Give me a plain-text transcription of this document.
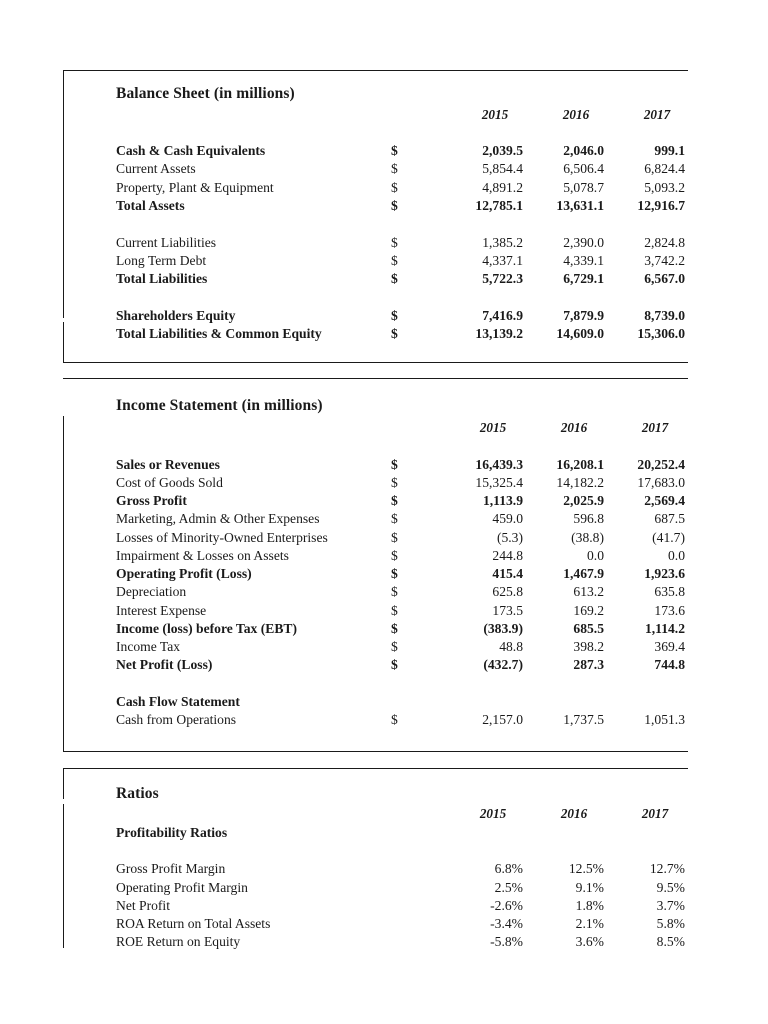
Balance Sheet (in millions)
2015	2016	2017
Cash & Cash Equivalents	$	2,039.5	2,046.0	999.1
Current Assets	$	5,854.4	6,506.4	6,824.4
Property, Plant & Equipment	$	4,891.2	5,078.7	5,093.2
Total Assets	$	12,785.1	13,631.1	12,916.7
Current Liabilities	$	1,385.2	2,390.0	2,824.8
Long Term Debt	$	4,337.1	4,339.1	3,742.2
Total Liabilities	$	5,722.3	6,729.1	6,567.0
Shareholders Equity	$	7,416.9	7,879.9	8,739.0
Total Liabilities & Common Equity	$	13,139.2	14,609.0	15,306.0
Income Statement (in millions)
2015	2016	2017
Sales or Revenues	$	16,439.3	16,208.1	20,252.4
Cost of Goods Sold	$	15,325.4	14,182.2	17,683.0
Gross Profit	$	1,113.9	2,025.9	2,569.4
Marketing, Admin & Other Expenses	$	459.0	596.8	687.5
Losses of Minority-Owned Enterprises	$	(5.3)	(38.8)	(41.7)
Impairment & Losses on Assets	$	244.8	0.0	0.0
Operating Profit (Loss)	$	415.4	1,467.9	1,923.6
Depreciation	$	625.8	613.2	635.8
Interest Expense	$	173.5	169.2	173.6
Income (loss) before Tax (EBT)	$	(383.9)	685.5	1,114.2
Income Tax	$	48.8	398.2	369.4
Net Profit (Loss)	$	(432.7)	287.3	744.8
Cash Flow Statement
Cash from Operations	$	2,157.0	1,737.5	1,051.3
Ratios
2015	2016	2017
Profitability Ratios
Gross Profit Margin	6.8%	12.5%	12.7%
Operating Profit Margin	2.5%	9.1%	9.5%
Net Profit	-2.6%	1.8%	3.7%
ROA Return on Total Assets	-3.4%	2.1%	5.8%
ROE Return on Equity	-5.8%	3.6%	8.5%
